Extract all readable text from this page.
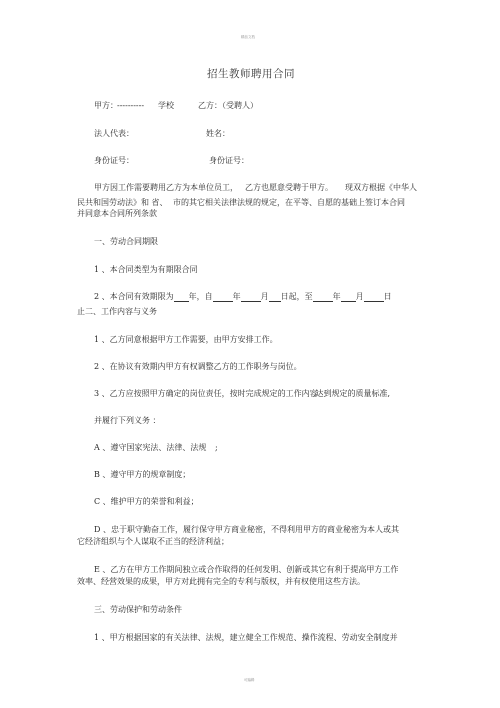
精品文档
招生教师聘用合同
甲方： ---------- 学校	乙方：（受聘人）
法人代表：	姓名：
身份证号：	身份证号：
甲方因工作需要聘用乙方为本单位员工， 乙方也愿意受聘于甲方。 现双方根据《中华人
民共和国劳动法》和 省、 市的其它相关法律法规的规定，在平等、自愿的基础上签订本合同
并同意本合同所列条款
一、劳动合同期限
1 、本合同类型为有期限合同
2 、本合同有效期限为 年，自	年	月 日起，至	年 月	日
止二、工作内容与义务
1 、乙方同意根据甲方工作需要，由甲方安排工作。
2 、在协议有效期内甲方有权调整乙方的工作职务与岗位。
3 、乙方应按照甲方确定的岗位责任，按时完成规定的工作内容
,达到规定的质量标准,
并履行下列义务 ：
A 、遵守国家宪法、法律、法规 ;
B 、遵守甲方的规章制度；
C 、维护甲方的荣誉和利益；
D 、忠于职守勤奋工作，履行保守甲方商业秘密，不得利用甲方的商业秘密为本人或其
它经济组织与个人谋取不正当的经济利益；
E 、乙方在甲方工作期间独立或合作取得的任何发明、创新或其它有利于提高甲方工作
效率、经营效果的成果，甲方对此拥有完全的专利与版权，并有权使用这些方法。
三、劳动保护和劳动条件
1 、甲方根据国家的有关法律、法规，建立健全工作规范、操作流程、劳动安全制度并
可编辑
